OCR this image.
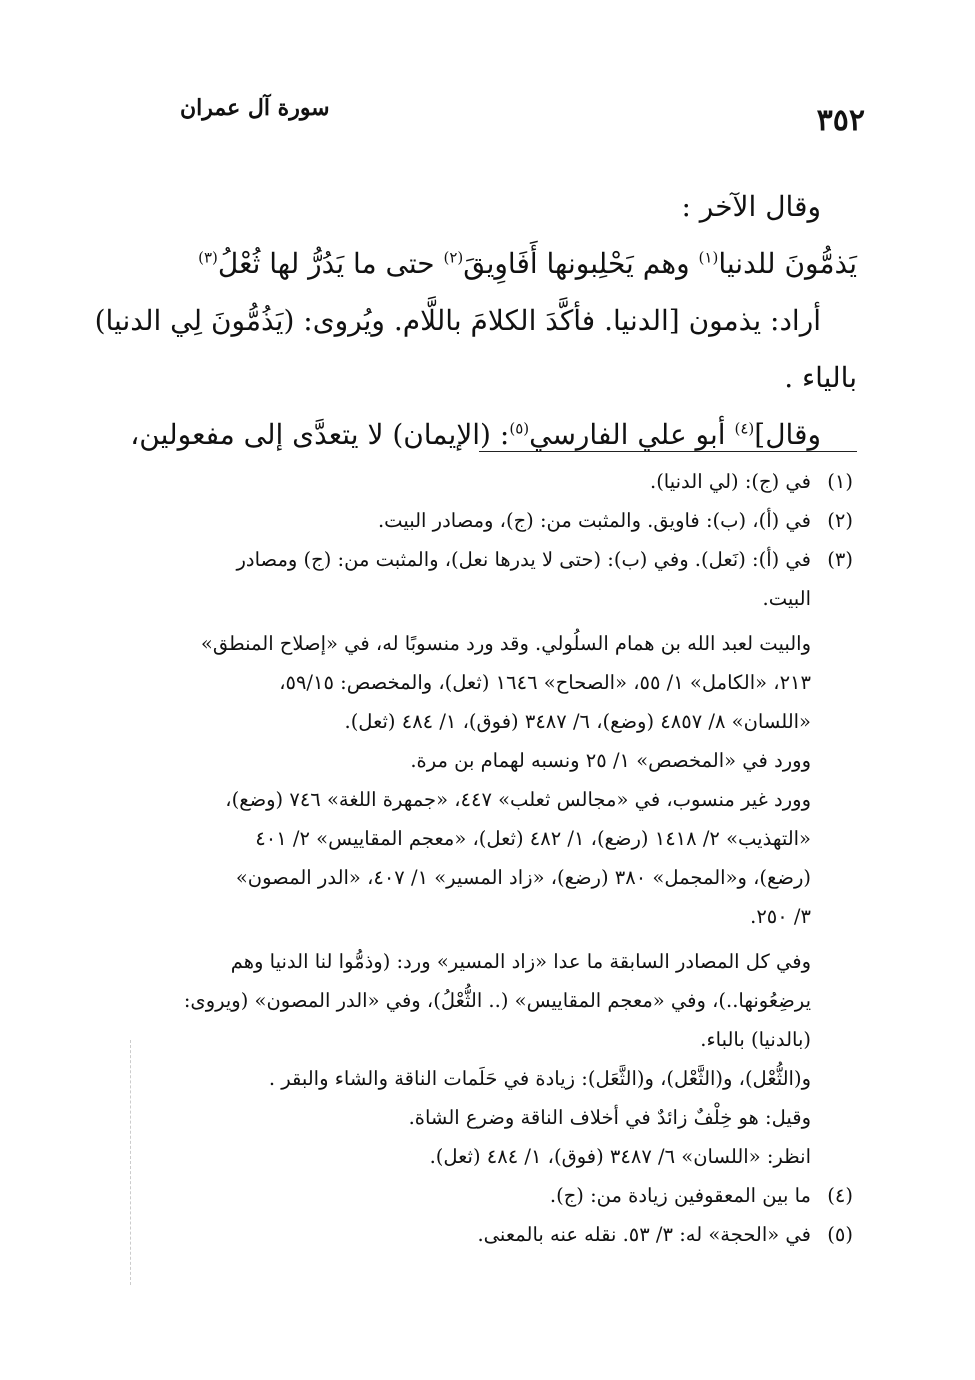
٣٥٢
سورة آل عمران
وقال الآخر :
يَذمُّونَ للدنيا$^{(١)}$ وهم يَحْلِبونها أَفَاوِيقَ$^{(٢)}$ حتى ما يَدُرُّ لها ثُعْلُ$^{(٣)}$
أراد: يذمون [الدنيا. فأكَّدَ الكلامَ باللَّام. ويُروى: (يَذُمُّونَ لِي الدنيا)
بالياء .
وقال]$^{(٤)}$ أبو علي الفارسي$^{(٥)}$: (الإيمان) لا يتعدَّى إلى مفعولين،
(١)في (ج): (لي الدنيا).
(٢)في (أ)، (ب): فاويق. والمثبت من: (ج)، ومصادر البيت.
(٣)في (أ): (نَعل). وفي (ب): (حتى لا يدرها نعل)، والمثبت من: (ج) ومصادر
البيت.
والبيت لعبد الله بن همام السلُولي. وقد ورد منسوبًا له، في «إصلاح المنطق»
٢١٣، «الكامل» ١/ ٥٥، «الصحاح» ١٦٤٦ (ثعل)، والمخصص: ٥٩/١٥،
«اللسان» ٨/ ٤٨٥٧ (وضع)، ٦/ ٣٤٨٧ (فوق)، ١/ ٤٨٤ (ثعل).
وورد في «المخصص» ١/ ٢٥ ونسبه لهمام بن مرة.
وورد غير منسوب، في «مجالس ثعلب» ٤٤٧، «جمهرة اللغة» ٧٤٦ (وضع)،
«التهذيب» ٢/ ١٤١٨ (رضع)، ١/ ٤٨٢ (ثعل)، «معجم المقاييس» ٢/ ٤٠١
(رضع)، و«المجمل» ٣٨٠ (رضع)، «زاد المسير» ١/ ٤٠٧، «الدر المصون»
٣/ ٢٥٠.
وفي كل المصادر السابقة ما عدا «زاد المسير» ورد: (وذمُّوا لنا الدنيا وهم
يرضِعُونها..)، وفي «معجم المقاييس» (.. الثُّعْلُ)، وفي «الدر المصون» (ويروى:
(بالدنيا) بالباء.
و(الثُّعْل)، و(الثَّعْل)، و(الثَّعَل): زيادة في حَلَمات الناقة والشاء والبقر .
وقيل: هو خِلْفٌ زائدٌ في أخلاف الناقة وضرع الشاة.
انظر: «اللسان» ٦/ ٣٤٨٧ (فوق)، ١/ ٤٨٤ (ثعل).
(٤)ما بين المعقوفين زيادة من: (ج).
(٥)في «الحجة» له: ٣/ ٥٣. نقله عنه بالمعنى.
